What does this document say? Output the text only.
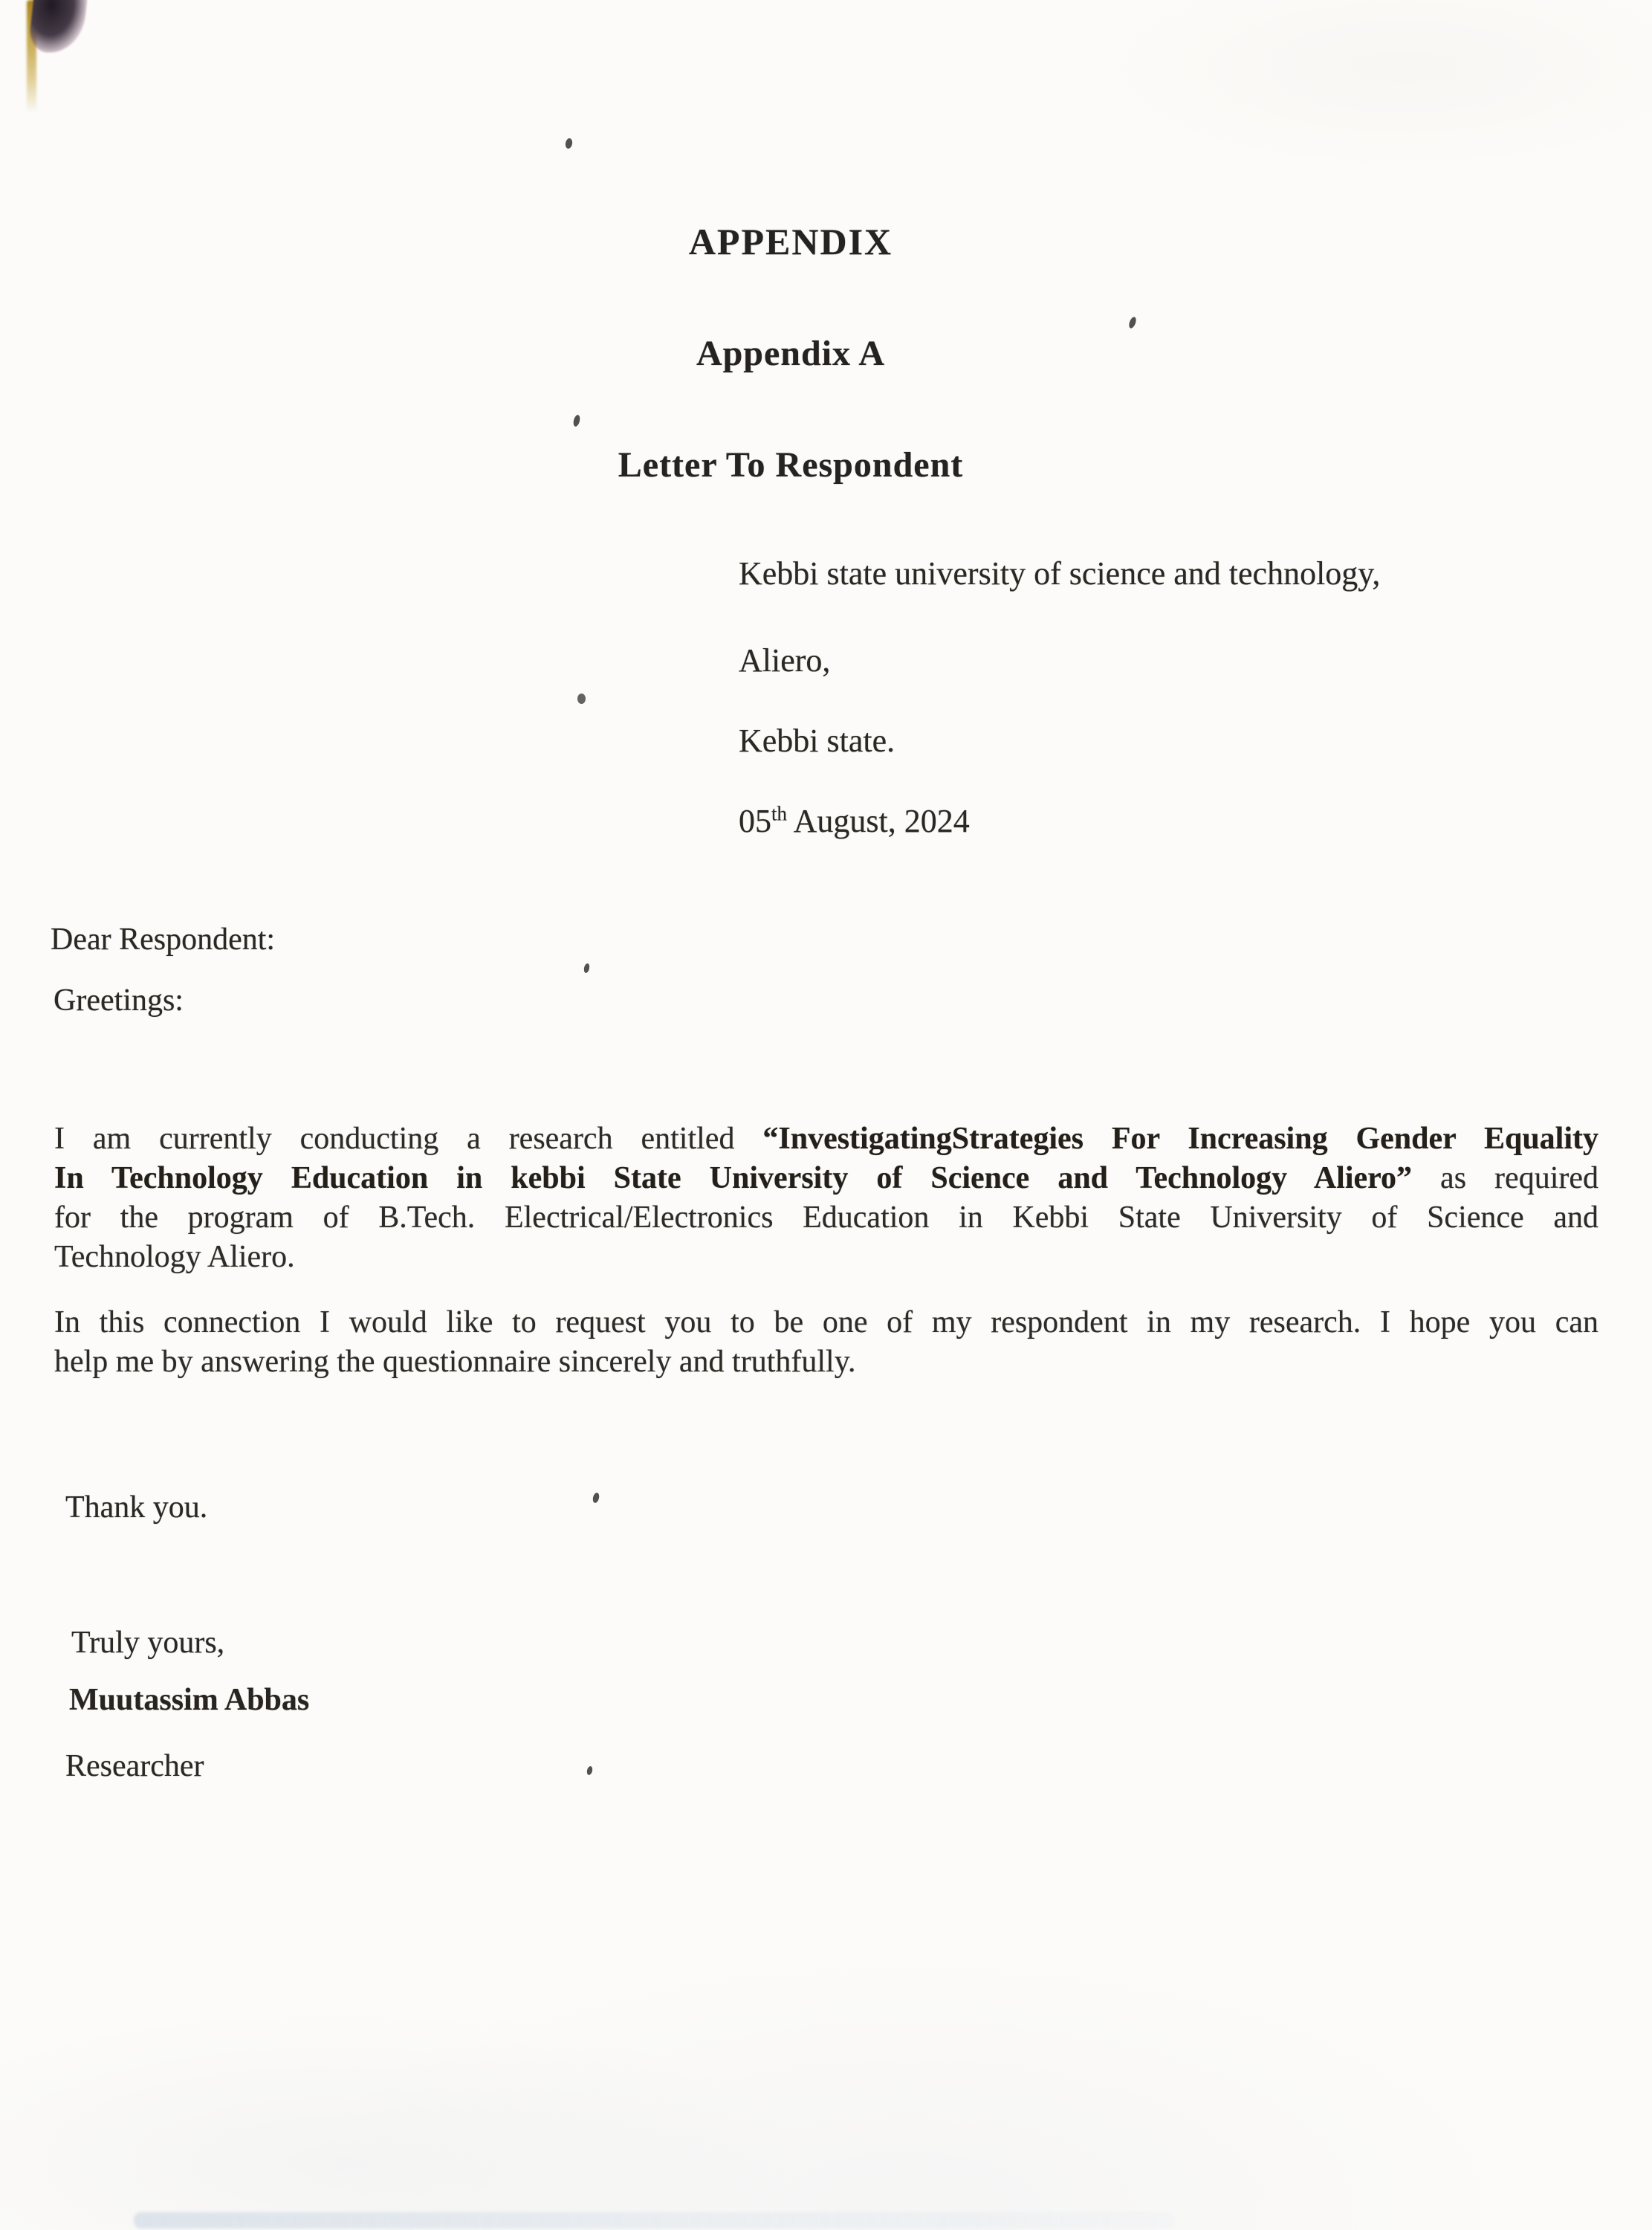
APPENDIX
Appendix A
Letter To Respondent
Kebbi state university of science and technology,
Aliero,
Kebbi state.
05th August, 2024
Dear Respondent:
Greetings:
I am currently conducting a research entitled “InvestigatingStrategies For Increasing Gender Equality
In Technology Education in kebbi State University of Science and Technology Aliero” as required
for the program of B.Tech. Electrical/Electronics Education in Kebbi State University of Science and
Technology Aliero.
In this connection I would like to request you to be one of my respondent in my research. I hope you can
help me by answering the questionnaire sincerely and truthfully.
Thank you.
Truly yours,
Muutassim Abbas
Researcher
